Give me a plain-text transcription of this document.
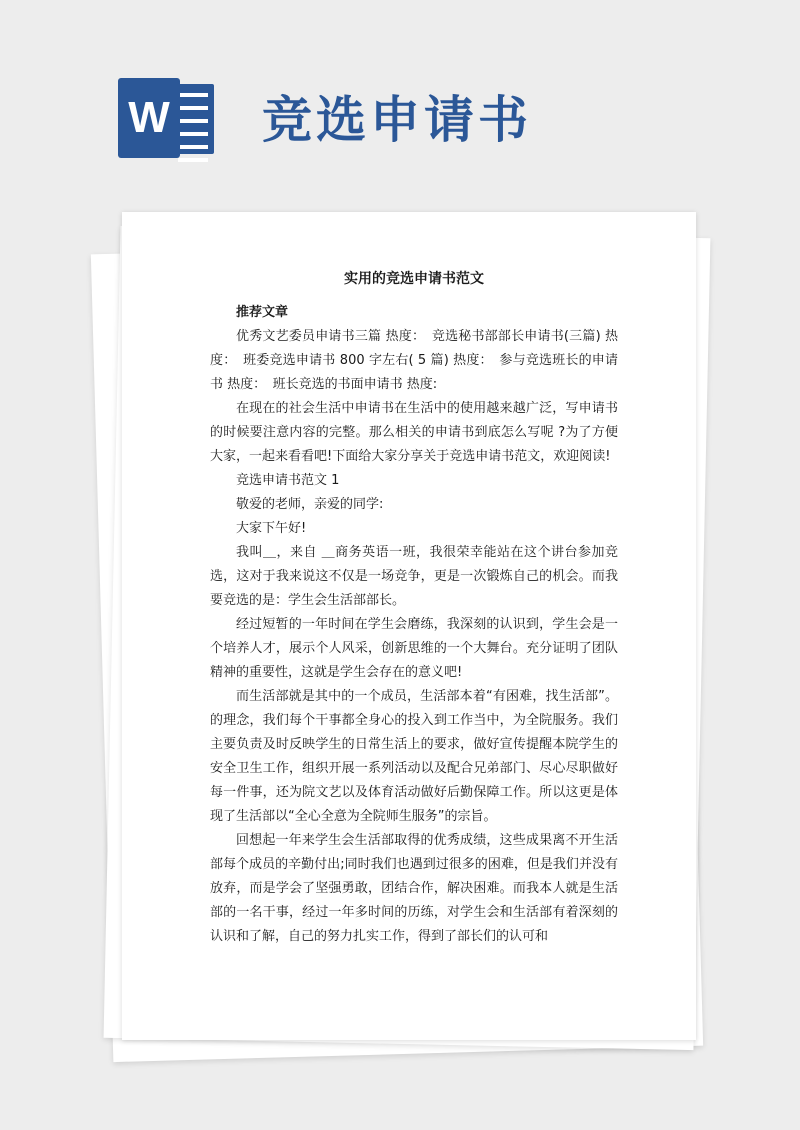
W 竞选申请书

实用的竞选申请书范文

推荐文章

优秀文艺委员申请书三篇 热度：　竞选秘书部部长申请书(三篇) 热度：　班委竞选申请书 800 字左右( 5 篇) 热度：　参与竞选班长的申请书 热度：　班长竞选的书面申请书 热度:

在现在的社会生活中申请书在生活中的使用越来越广泛，写申请书的时候要注意内容的完整。那么相关的申请书到底怎么写呢 ?为了方便大家，一起来看看吧!下面给大家分享关于竞选申请书范文，欢迎阅读!

竞选申请书范文 1

敬爱的老师，亲爱的同学:

大家下午好!

我叫＿，来自 ＿商务英语一班，我很荣幸能站在这个讲台参加竞选，这对于我来说这不仅是一场竞争，更是一次锻炼自己的机会。而我要竞选的是：学生会生活部部长。

经过短暂的一年时间在学生会磨练，我深刻的认识到，学生会是一个培养人才，展示个人风采，创新思维的一个大舞台。充分证明了团队精神的重要性，这就是学生会存在的意义吧!

而生活部就是其中的一个成员，生活部本着“有困难，找生活部”。的理念，我们每个干事都全身心的投入到工作当中，为全院服务。我们主要负责及时反映学生的日常生活上的要求，做好宣传提醒本院学生的安全卫生工作，组织开展一系列活动以及配合兄弟部门、尽心尽职做好每一件事，还为院文艺以及体育活动做好后勤保障工作。所以这更是体现了生活部以“全心全意为全院师生服务”的宗旨。

回想起一年来学生会生活部取得的优秀成绩，这些成果离不开生活部每个成员的辛勤付出;同时我们也遇到过很多的困难，但是我们并没有放弃，而是学会了坚强勇敢，团结合作，解决困难。而我本人就是生活部的一名干事，经过一年多时间的历练，对学生会和生活部有着深刻的认识和了解，自己的努力扎实工作，得到了部长们的认可和
